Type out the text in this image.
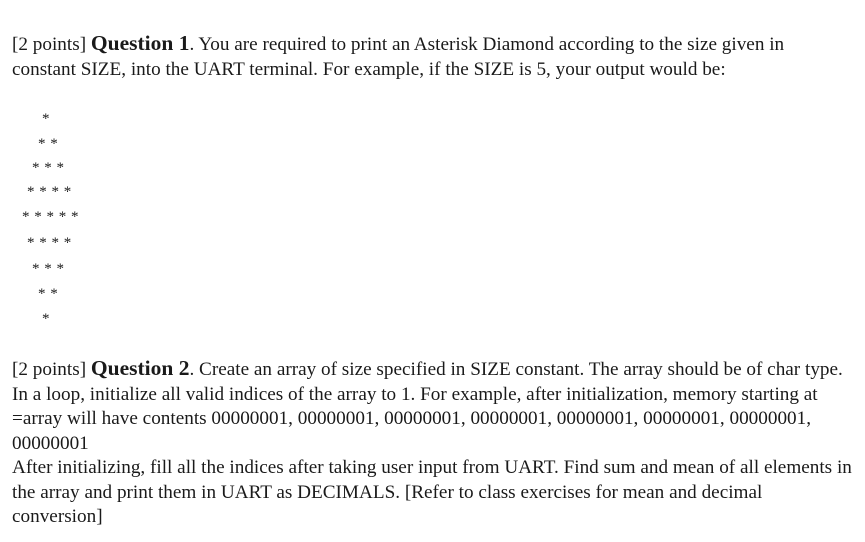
[2 points] Question 1. You are required to print an Asterisk Diamond according to the size given in constant SIZE, into the UART terminal. For example, if the SIZE is 5, your output would be:
*
* *
* * *
* * * *
* * * * *
* * * *
* * *
* *
*
[2 points] Question 2. Create an array of size specified in SIZE constant. The array should be of char type. In a loop, initialize all valid indices of the array to 1. For example, after initialization, memory starting at =array will have contents 00000001, 00000001, 00000001, 00000001, 00000001, 00000001, 00000001, 00000001
After initializing, fill all the indices after taking user input from UART. Find sum and mean of all elements in the array and print them in UART as DECIMALS. [Refer to class exercises for mean and decimal conversion]
